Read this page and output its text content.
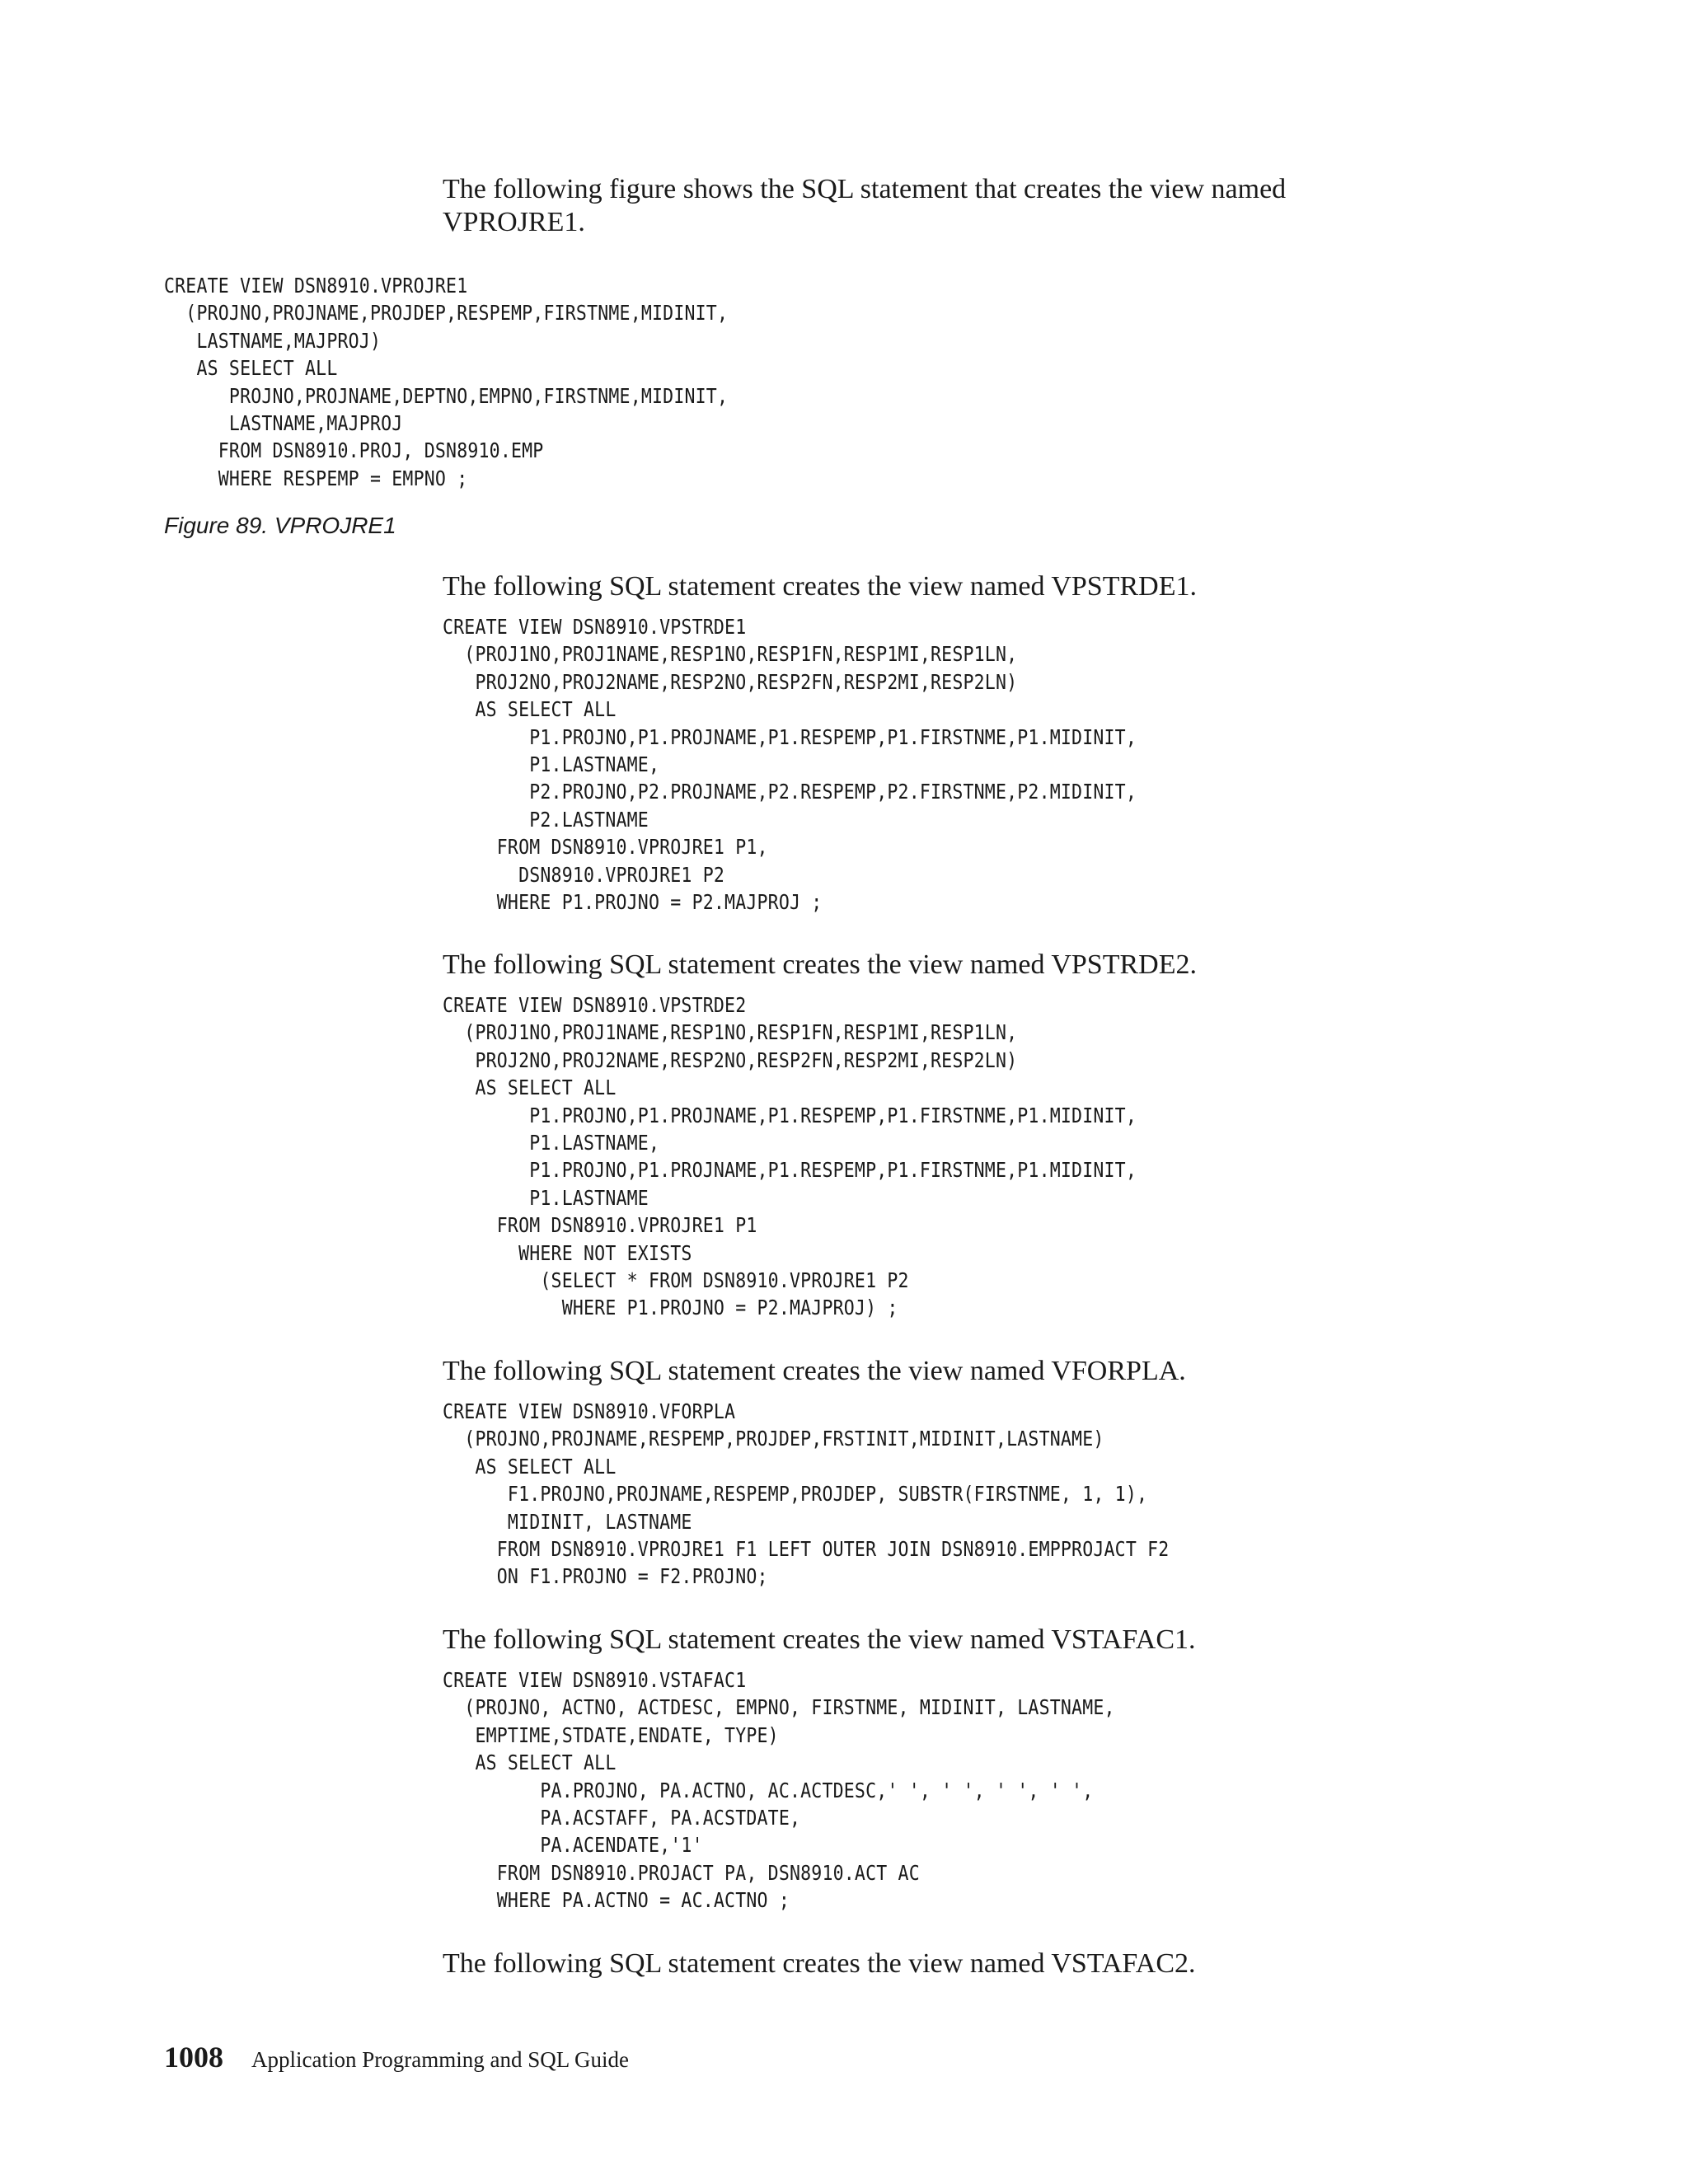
The following figure shows the SQL statement that creates the view named

VPROJRE1.

CREATE VIEW DSN8910.VPROJRE1
(PROJNO,PROJNAME,PROJDEP,RESPEMP,FIRSTNME,MIDINIT,
LASTNAME,MAJPROJ)
AS SELECT ALL
PROJNO,PROJNAME,DEPTNO,EMPNO,FIRSTNME,MIDINIT,
LASTNAME,MAJPROJ
FROM DSN8910.PROJ, DSN8910.EMP
WHERE RESPEMP = EMPNO ;

Figure 89. VPROJRE1

The following SQL statement creates the view named VPSTRDE1.

CREATE VIEW DSN8910.VPSTRDE1
(PROJ1NO,PROJ1NAME,RESP1NO,RESP1FN,RESP1MI,RESP1LN,
PROJ2NO,PROJ2NAME,RESP2NO,RESP2FN,RESP2MI,RESP2LN)
AS SELECT ALL
P1.PROJNO,P1.PROJNAME,P1.RESPEMP,P1.FIRSTNME,P1.MIDINIT,
P1.LASTNAME,
P2.PROJNO,P2.PROJNAME,P2.RESPEMP,P2.FIRSTNME,P2.MIDINIT,
P2.LASTNAME
FROM DSN8910.VPROJRE1 P1,
DSN8910.VPROJRE1 P2
WHERE P1.PROJNO = P2.MAJPROJ ;

The following SQL statement creates the view named VPSTRDE2.

CREATE VIEW DSN8910.VPSTRDE2
(PROJ1NO,PROJ1NAME,RESP1NO,RESP1FN,RESP1MI,RESP1LN,
PROJ2NO,PROJ2NAME,RESP2NO,RESP2FN,RESP2MI,RESP2LN)
AS SELECT ALL
P1.PROJNO,P1.PROJNAME,P1.RESPEMP,P1.FIRSTNME,P1.MIDINIT,
P1.LASTNAME,
P1.PROJNO,P1.PROJNAME,P1.RESPEMP,P1.FIRSTNME,P1.MIDINIT,
P1.LASTNAME
FROM DSN8910.VPROJRE1 P1
WHERE NOT EXISTS
(SELECT * FROM DSN8910.VPROJRE1 P2
WHERE P1.PROJNO = P2.MAJPROJ) ;

The following SQL statement creates the view named VFORPLA.

CREATE VIEW DSN8910.VFORPLA
(PROJNO,PROJNAME,RESPEMP,PROJDEP,FRSTINIT,MIDINIT,LASTNAME)
AS SELECT ALL
F1.PROJNO,PROJNAME,RESPEMP,PROJDEP, SUBSTR(FIRSTNME, 1, 1),
MIDINIT, LASTNAME
FROM DSN8910.VPROJRE1 F1 LEFT OUTER JOIN DSN8910.EMPPROJACT F2
ON F1.PROJNO = F2.PROJNO;

The following SQL statement creates the view named VSTAFAC1.

CREATE VIEW DSN8910.VSTAFAC1
(PROJNO, ACTNO, ACTDESC, EMPNO, FIRSTNME, MIDINIT, LASTNAME,
EMPTIME,STDATE,ENDATE, TYPE)
AS SELECT ALL
PA.PROJNO, PA.ACTNO, AC.ACTDESC,' ', ' ', ' ', ' ',
PA.ACSTAFF, PA.ACSTDATE,
PA.ACENDATE,'1'
FROM DSN8910.PROJACT PA, DSN8910.ACT AC
WHERE PA.ACTNO = AC.ACTNO ;

The following SQL statement creates the view named VSTAFAC2.

1008 Application Programming and SQL Guide
